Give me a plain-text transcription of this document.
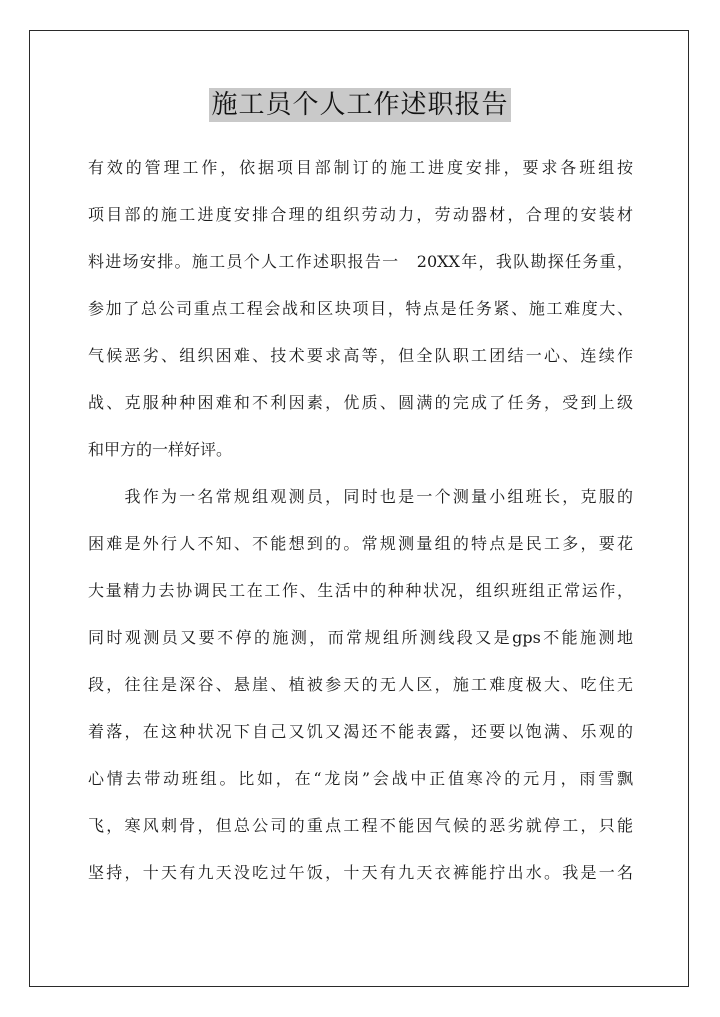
施工员个人工作述职报告
有效的管理工作，依据项目部制订的施工进度安排，要求各班组按
项目部的施工进度安排合理的组织劳动力，劳动器材，合理的安装材
料进场安排。施工员个人工作述职报告一　20XX年，我队勘探任务重，
参加了总公司重点工程会战和区块项目，特点是任务紧、施工难度大、
气候恶劣、组织困难、技术要求高等，但全队职工团结一心、连续作
战、克服种种困难和不利因素，优质、圆满的完成了任务，受到上级
和甲方的一样好评。
　　我作为一名常规组观测员，同时也是一个测量小组班长，克服的
困难是外行人不知、不能想到的。常规测量组的特点是民工多，要花
大量精力去协调民工在工作、生活中的种种状况，组织班组正常运作，
同时观测员又要不停的施测，而常规组所测线段又是gps不能施测地
段，往往是深谷、悬崖、植被参天的无人区，施工难度极大、吃住无
着落，在这种状况下自己又饥又渴还不能表露，还要以饱满、乐观的
心情去带动班组。比如，在“龙岗”会战中正值寒冷的元月，雨雪飘
飞，寒风刺骨，但总公司的重点工程不能因气候的恶劣就停工，只能
坚持，十天有九天没吃过午饭，十天有九天衣裤能拧出水。我是一名
